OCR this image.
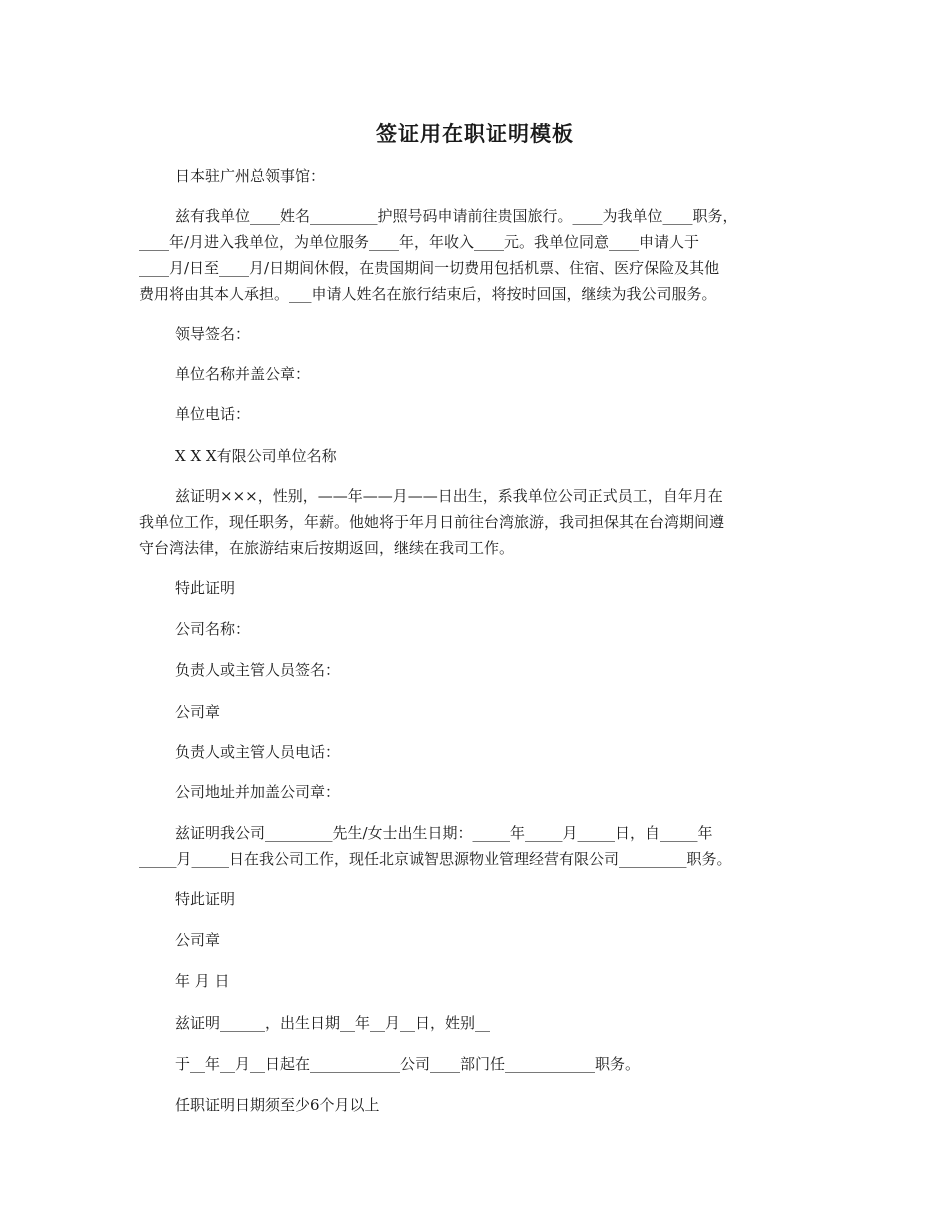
签证用在职证明模板
日本驻广州总领事馆：
兹有我单位____姓名_________护照号码申请前往贵国旅行。____为我单位____职务，
____年/月进入我单位，为单位服务____年，年收入____元。我单位同意____申请人于
____月/日至____月/日期间休假，在贵国期间一切费用包括机票、住宿、医疗保险及其他
费用将由其本人承担。___申请人姓名在旅行结束后，将按时回国，继续为我公司服务。
领导签名：
单位名称并盖公章：
单位电话：
X X X有限公司单位名称
兹证明×××，性别，——年——月——日出生，系我单位公司正式员工，自年月在
我单位工作，现任职务，年薪。他她将于年月日前往台湾旅游，我司担保其在台湾期间遵
守台湾法律，在旅游结束后按期返回，继续在我司工作。
特此证明
公司名称：
负责人或主管人员签名：
公司章
负责人或主管人员电话：
公司地址并加盖公司章：
兹证明我公司_________先生/女士出生日期：_____年_____月_____日，自_____年
_____月_____日在我公司工作，现任北京诚智思源物业管理经营有限公司_________职务。
特此证明
公司章
年 月 日
兹证明______，出生日期__年__月__日，姓别__
于__年__月__日起在____________公司____部门任____________职务。
任职证明日期须至少6个月以上
